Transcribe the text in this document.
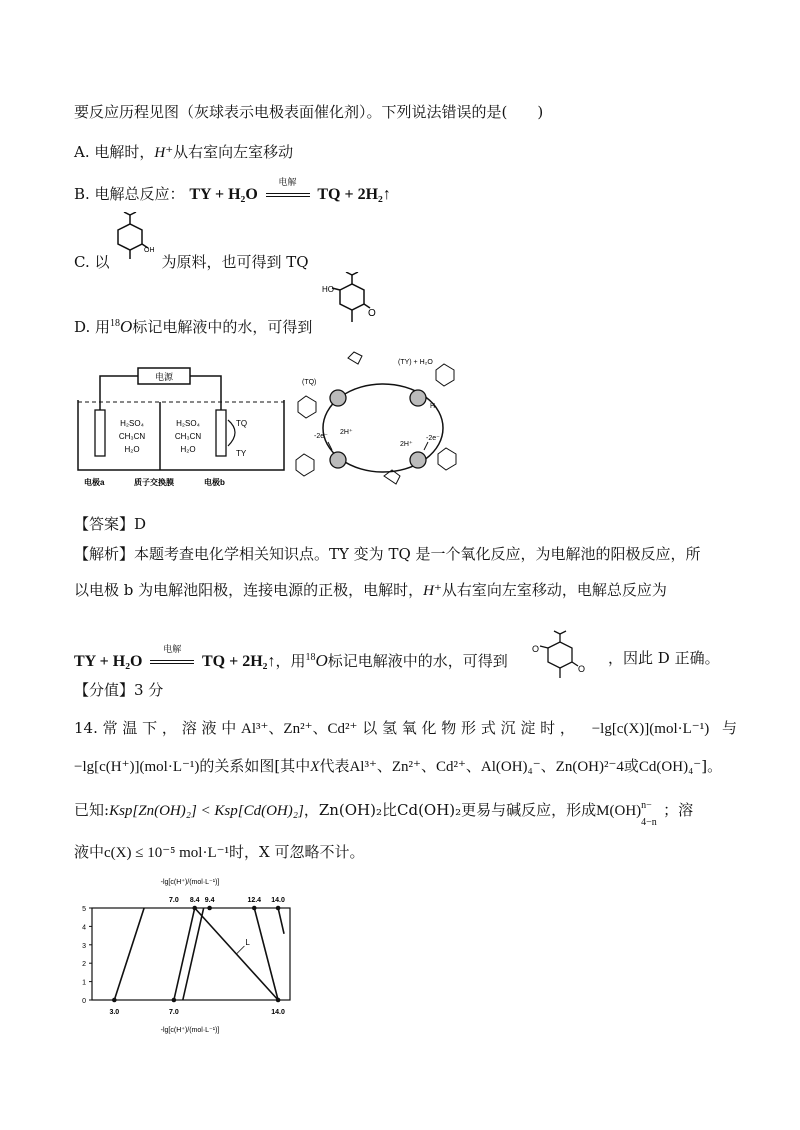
要反应历程见图（灰球表示电极表面催化剂）。下列说法错误的是(　　)
A. 电解时，H⁺从右室向左室移动
B. 电解总反应： TY + H₂O
电解
TQ + 2H₂↑
OH
C. 以	为原料，也可得到 TQ
HO
O
D. 用$^{18}$O标记电解液中的水，可得到
电源
H₂SO₄
CH₃CN
H₂O
H₂SO₄
CH₃CN
H₂O
TQ
TY
电极a	质子交换膜	电极b
(TQ)
(TY) + H₂O
-2e⁻
2H⁺
2H⁺
-2e⁻
H
【答案】D
【解析】本题考查电化学相关知识点。TY 变为 TQ 是一个氧化反应，为电解池的阳极反应，所
以电极 b 为电解池阳极，连接电源的正极，电解时，H⁺从右室向左室移动，电解总反应为
TY + H₂O
电解
TQ + 2H₂↑，用$^{18}$O标记电解液中的水，可得到
O
O
，因此 D 正确。
【分值】3 分
14. 常 温 下 ， 溶 液 中 Al³⁺、Zn²⁺、Cd²⁺ 以 氢 氧 化 物 形 式 沉 淀 时 ， −lg[c(X)](mol·L⁻¹) 与
−lg[c(H⁺)](mol·L⁻¹)的关系如图[其中X代表Al³⁺、Zn²⁺、Cd²⁺、Al(OH)₄⁻、Zn(OH)²⁻4或Cd(OH)₄⁻]。
已知:Ksp[Zn(OH)₂] < Ksp[Cd(OH)₂]，Zn(OH)₂比Cd(OH)₂更易与碱反应，形成M(OH) n−
4−n
；溶
液中c(X) ≤ 10⁻⁵ mol·L⁻¹时，X 可忽略不计。
-lg[c(H⁺)/(mol·L⁻¹)]
-lg[c(H⁺)/(mol·L⁻¹)]
0
1
2
3
4
5
7.0 8.4 9.4	12.4 14.0
3.0	7.0	14.0
L
